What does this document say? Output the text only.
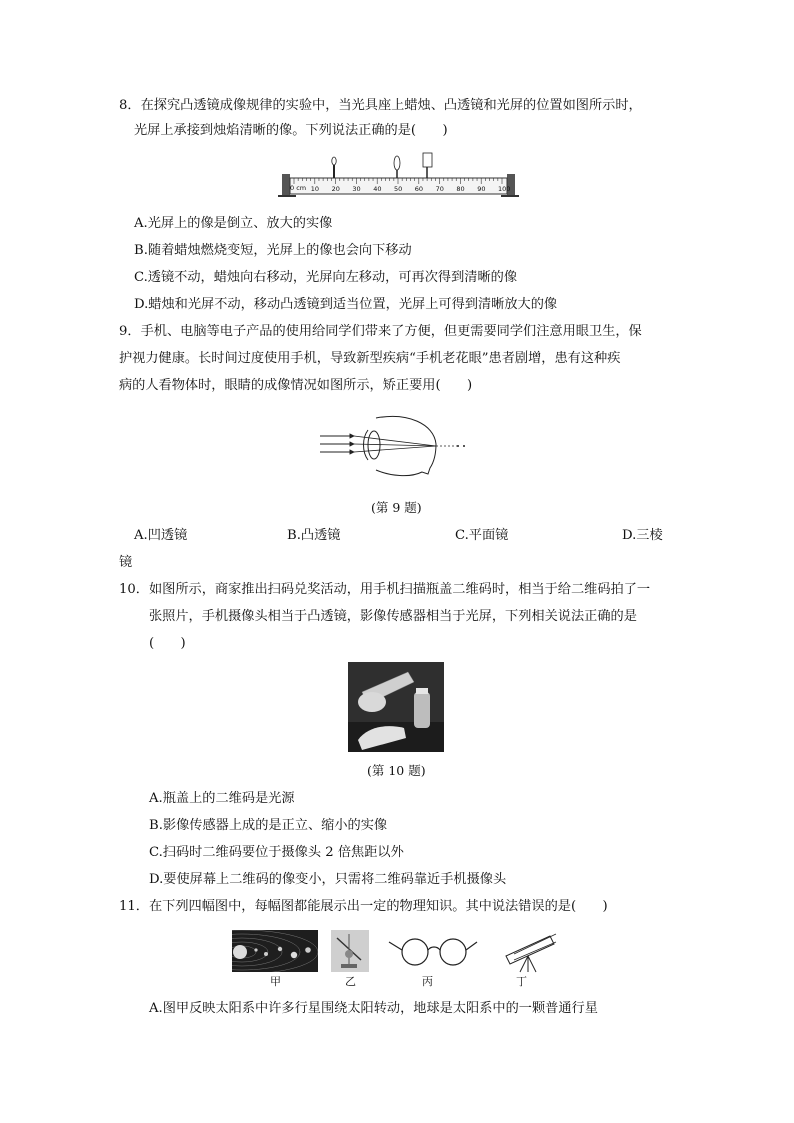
8．在探究凸透镜成像规律的实验中，当光具座上蜡烛、凸透镜和光屏的位置如图所示时，
光屏上承接到烛焰清晰的像。下列说法正确的是(　　)
0 cm 10 20 30 40 50 60 70 80 90 100
A.光屏上的像是倒立、放大的实像
B.随着蜡烛燃烧变短，光屏上的像也会向下移动
C.透镜不动，蜡烛向右移动，光屏向左移动，可再次得到清晰的像
D.蜡烛和光屏不动，移动凸透镜到适当位置，光屏上可得到清晰放大的像
9．手机、电脑等电子产品的使用给同学们带来了方便，但更需要同学们注意用眼卫生，保
护视力健康。长时间过度使用手机，导致新型疾病“手机老花眼”患者剧增，患有这种疾
病的人看物体时，眼睛的成像情况如图所示，矫正要用(　　)
(第 9 题)
A.凹透镜	B.凸透镜	C.平面镜	D.三棱
镜
10．如图所示，商家推出扫码兑奖活动，用手机扫描瓶盖二维码时，相当于给二维码拍了一
张照片，手机摄像头相当于凸透镜，影像传感器相当于光屏，下列相关说法正确的是
(　　)
(第 10 题)
A.瓶盖上的二维码是光源
B.影像传感器上成的是正立、缩小的实像
C.扫码时二维码要位于摄像头 2 倍焦距以外
D.要使屏幕上二维码的像变小，只需将二维码靠近手机摄像头
11．在下列四幅图中，每幅图都能展示出一定的物理知识。其中说法错误的是(　　)
甲	乙	丙	丁
A.图甲反映太阳系中许多行星围绕太阳转动，地球是太阳系中的一颗普通行星
